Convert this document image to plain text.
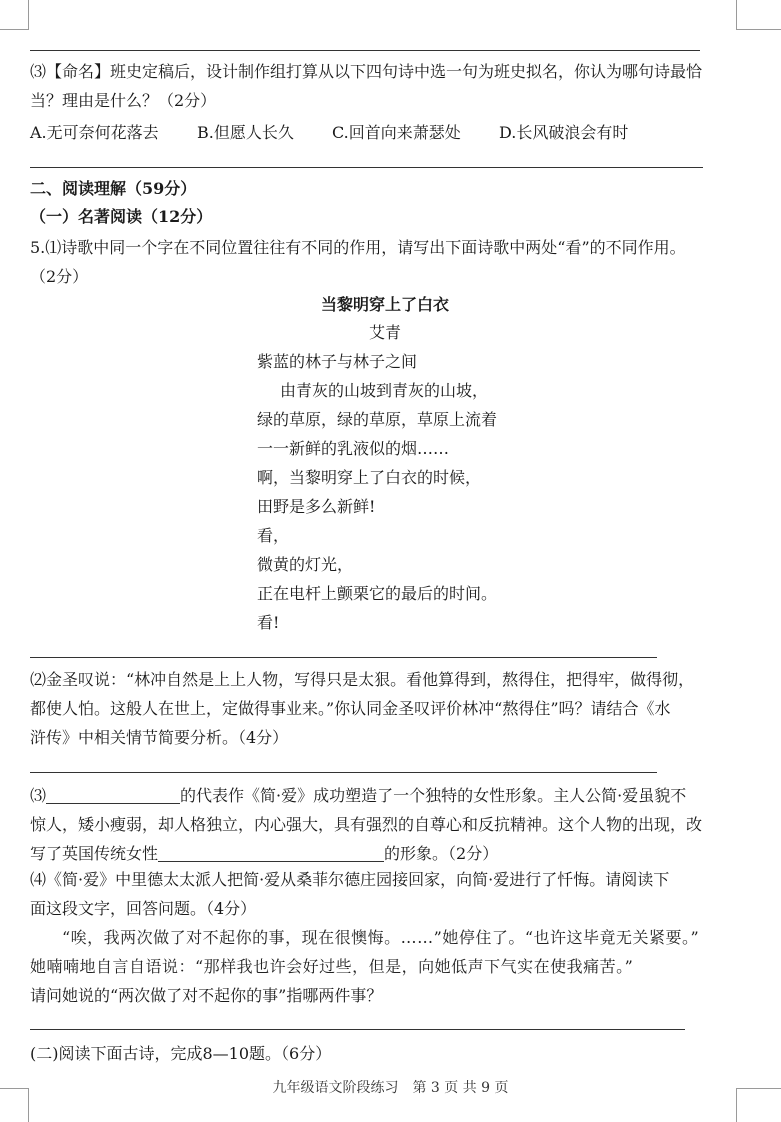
⑶【命名】班史定稿后，设计制作组打算从以下四句诗中选一句为班史拟名，你认为哪句诗最恰
当？理由是什么？（2分）
A.无可奈何花落去 B.但愿人长久 C.回首向来萧瑟处 D.长风破浪会有时
二、阅读理解（59分）
（一）名著阅读（12分）
5.⑴诗歌中同一个字在不同位置往往有不同的作用，请写出下面诗歌中两处“看”的不同作用。
（2分）
当黎明穿上了白衣
艾青
紫蓝的林子与林子之间
由青灰的山坡到青灰的山坡，
绿的草原，绿的草原，草原上流着
一一新鲜的乳液似的烟……
啊，当黎明穿上了白衣的时候，
田野是多么新鲜!
看，
微黄的灯光，
正在电杆上颤栗它的最后的时间。
看!
⑵金圣叹说：“林冲自然是上上人物，写得只是太狠。看他算得到，熬得住，把得牢，做得彻，
都使人怕。这般人在世上，定做得事业来。”你认同金圣叹评价林冲“熬得住”吗？请结合《水
浒传》中相关情节简要分析。（4分）
⑶	的代表作《简·爱》成功塑造了一个独特的女性形象。主人公简·爱虽貌不
惊人，矮小瘦弱，却人格独立，内心强大，具有强烈的自尊心和反抗精神。这个人物的出现，改
写了英国传统女性	的形象。（2分）
⑷《简·爱》中里德太太派人把简·爱从桑菲尔德庄园接回家，向简·爱进行了忏悔。请阅读下
面这段文字，回答问题。（4分）
“唉，我两次做了对不起你的事，现在很懊悔。……”她停住了。“也许这毕竟无关紧要。”
她喃喃地自言自语说：“那样我也许会好过些，但是，向她低声下气实在使我痛苦。”
请问她说的“两次做了对不起你的事”指哪两件事？
(二)阅读下面古诗，完成8—10题。（6分）
九年级语文阶段练习　第 3 页 共 9 页
